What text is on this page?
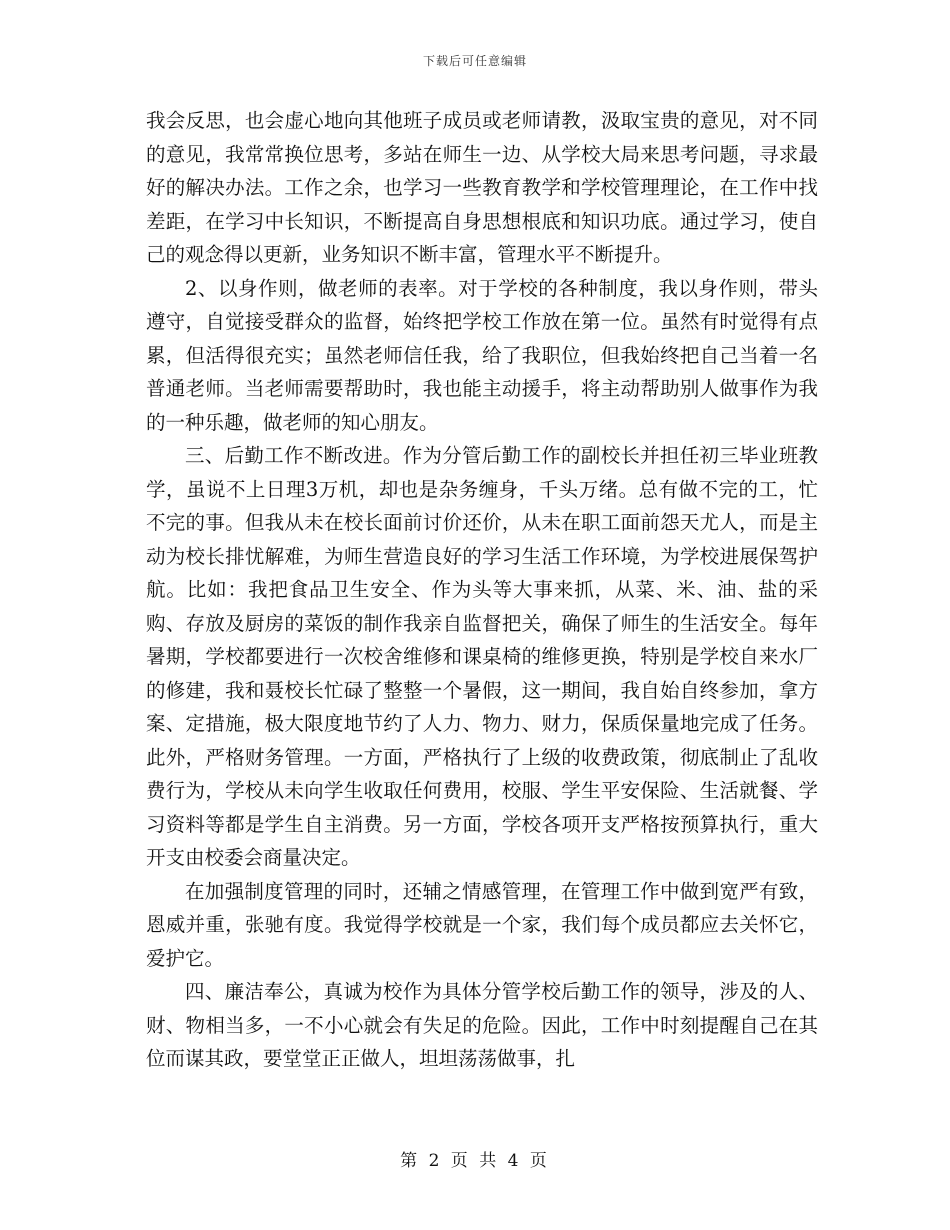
下载后可任意编辑

我会反思，也会虚心地向其他班子成员或老师请教，汲取宝贵的意见，对不同的意见，我常常换位思考，多站在师生一边、从学校大局来思考问题，寻求最好的解决办法。工作之余，也学习一些教育教学和学校管理理论，在工作中找差距，在学习中长知识，不断提高自身思想根底和知识功底。通过学习，使自己的观念得以更新，业务知识不断丰富，管理水平不断提升。

2、以身作则，做老师的表率。对于学校的各种制度，我以身作则，带头遵守，自觉接受群众的监督，始终把学校工作放在第一位。虽然有时觉得有点累，但活得很充实；虽然老师信任我，给了我职位，但我始终把自己当着一名普通老师。当老师需要帮助时，我也能主动援手，将主动帮助别人做事作为我的一种乐趣，做老师的知心朋友。

三、后勤工作不断改进。作为分管后勤工作的副校长并担任初三毕业班教学，虽说不上日理3万机，却也是杂务缠身，千头万绪。总有做不完的工，忙不完的事。但我从未在校长面前讨价还价，从未在职工面前怨天尤人，而是主动为校长排忧解难，为师生营造良好的学习生活工作环境，为学校进展保驾护航。比如：我把食品卫生安全、作为头等大事来抓，从菜、米、油、盐的采购、存放及厨房的菜饭的制作我亲自监督把关，确保了师生的生活安全。每年暑期，学校都要进行一次校舍维修和课桌椅的维修更换，特别是学校自来水厂的修建，我和聂校长忙碌了整整一个暑假，这一期间，我自始自终参加，拿方案、定措施，极大限度地节约了人力、物力、财力，保质保量地完成了任务。此外，严格财务管理。一方面，严格执行了上级的收费政策，彻底制止了乱收费行为，学校从未向学生收取任何费用，校服、学生平安保险、生活就餐、学习资料等都是学生自主消费。另一方面，学校各项开支严格按预算执行，重大开支由校委会商量决定。

在加强制度管理的同时，还辅之情感管理，在管理工作中做到宽严有致，恩威并重，张驰有度。我觉得学校就是一个家，我们每个成员都应去关怀它，爱护它。

四、廉洁奉公，真诚为校作为具体分管学校后勤工作的领导，涉及的人、财、物相当多，一不小心就会有失足的危险。因此，工作中时刻提醒自己在其位而谋其政，要堂堂正正做人，坦坦荡荡做事，扎

第 2 页 共 4 页
